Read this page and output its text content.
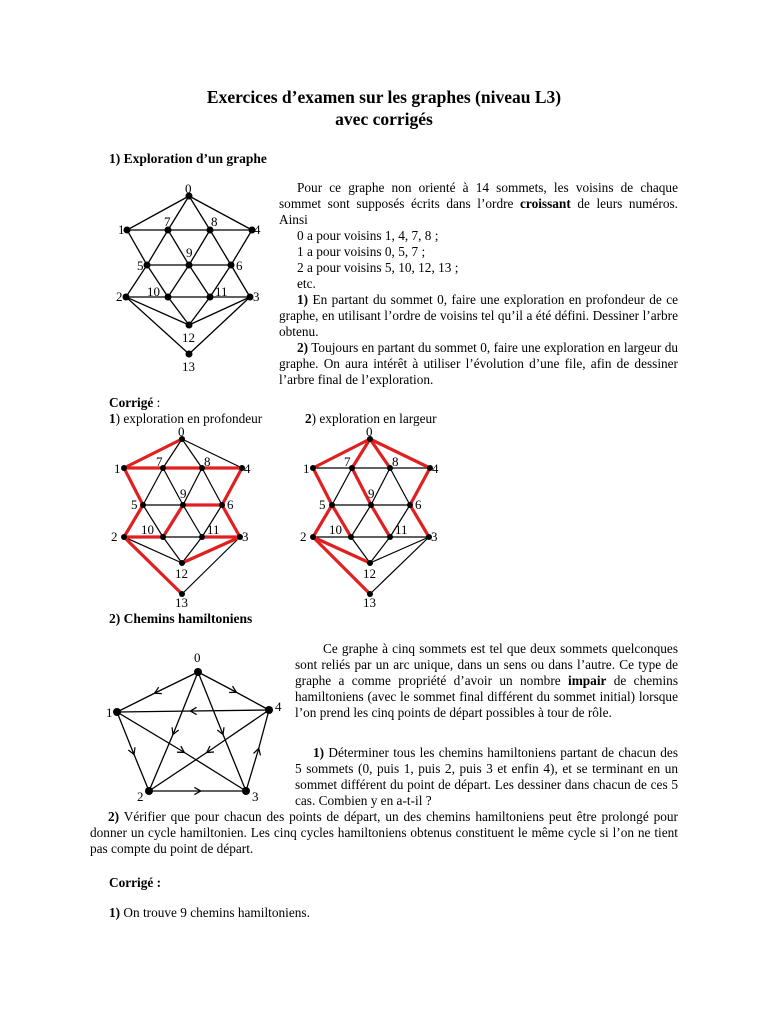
Exercices d’examen sur les graphes (niveau L3)
avec corrigés
1) Exploration d’un graphe
0
1
2	3
4
5	6
7	8
9
10	11
12
13
Pour ce graphe non orienté à 14 sommets, les voisins de chaque sommet sont supposés écrits dans l’ordre croissant de leurs numéros. Ainsi
0 a pour voisins 1, 4, 7, 8 ;
1 a pour voisins 0, 5, 7 ;
2 a pour voisins 5, 10, 12, 13 ;
etc.
1) En partant du sommet 0, faire une exploration en profondeur de ce graphe, en utilisant l’ordre de voisins tel qu’il a été défini. Dessiner l’arbre obtenu.
2) Toujours en partant du sommet 0, faire une exploration en largeur du graphe. On aura intérêt à utiliser l’évolution d’une file, afin de dessiner l’arbre final de l’exploration.
Corrigé :
1) exploration en profondeur	2) exploration en largeur
0
1
2	3
4
5	6
7	8
9
10	11
12
13
0
1
2	3
4
5	6
7	8
9
10	11
12
13
2) Chemins hamiltoniens
0
1
2	3
4
Ce graphe à cinq sommets est tel que deux sommets quelconques sont reliés par un arc unique, dans un sens ou dans l’autre. Ce type de graphe a comme propriété d’avoir un nombre impair de chemins hamiltoniens (avec le sommet final différent du sommet initial) lorsque l’on prend les cinq points de départ possibles à tour de rôle.
1) Déterminer tous les chemins hamiltoniens partant de chacun des 5 sommets (0, puis 1, puis 2, puis 3 et enfin 4), et se terminant en un sommet différent du point de départ. Les dessiner dans chacun de ces 5 cas. Combien y en a-t-il ?
2) Vérifier que pour chacun des points de départ, un des chemins hamiltoniens peut être prolongé pour donner un cycle hamiltonien. Les cinq cycles hamiltoniens obtenus constituent le même cycle si l’on ne tient pas compte du point de départ.
Corrigé :
1) On trouve 9 chemins hamiltoniens.
